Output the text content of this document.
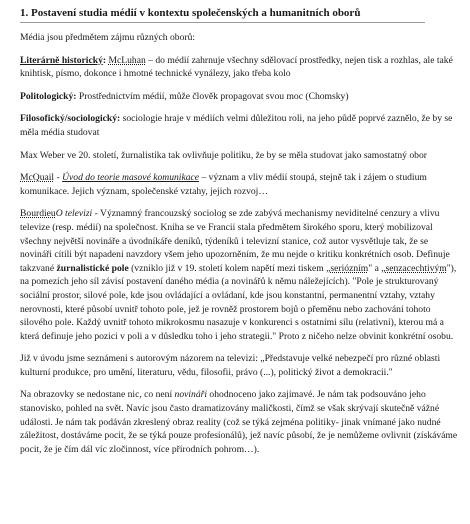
1. Postavení studia médií v kontextu společenských a humanitních oborů

Média jsou předmětem zájmu různých oborů:

Literárně historický: McLuhan – do médií zahrnuje všechny sdělovací prostředky, nejen tisk a rozhlas, ale také knihtisk, písmo, dokonce i hmotné technické vynálezy, jako třeba kolo

Politologický: Prostřednictvím médií, může člověk propagovat svou moc (Chomsky)

Filosofický/sociologický: sociologie hraje v médiích velmi důležitou roli, na jeho půdě poprvé zaznělo, že by se měla média studovat

Max Weber ve 20. století, žurnalistika tak ovlivňuje politiku, že by se měla studovat jako samostatný obor

McQuail - Úvod do teorie masové komunikace – význam a vliv médií stoupá, stejně tak i zájem o studium komunikace. Jejich význam, společenské vztahy, jejich rozvoj…

BourdieuO televizi - Významný francouzský sociolog se zde zabývá mechanismy neviditelné cenzury a vlivu televize (resp. médií) na společnost. Kniha se ve Francii stala předmětem širokého sporu, který mobilizoval všechny největší novináře a úvodníkáře deníků, týdeníků i televizní stanice, což autor vysvětluje tak, že se novináři cítili být napadeni navzdory všem jeho upozorněním, že mu nejde o kritiku konkrétních osob. Definuje takzvané žurnalistické pole (vzniklo již v 19. století kolem napětí mezi tiskem „seriózním" a „senzacechtivým"), na pomezích jeho síl závisí postavení daného média (a novinářů k němu náležejících). "Pole je strukturovaný sociální prostor, silové pole, kde jsou ovládající a ovládaní, kde jsou konstantní, permanentní vztahy, vztahy nerovnosti, které působí uvnitř tohoto pole, jež je rovněž prostorem bojů o přeměnu nebo zachování tohoto silového pole. Každý uvnitř tohoto mikrokosmu nasazuje v konkurenci s ostatními sílu (relativní), kterou má a která definuje jeho pozici v poli a v důsledku toho i jeho strategii." Proto z ničeho nelze obvinit konkrétní osobu.

Již v úvodu jsme seznámeni s autorovým názorem na televizi: „Představuje velké nebezpečí pro různé oblasti kulturní produkce, pro umění, literaturu, vědu, filosofii, právo (...), politický život a demokracii."

Na obrazovky se nedostane nic, co není novináři ohodnoceno jako zajímavé. Je nám tak podsouváno jeho stanovisko, pohled na svět. Navíc jsou často dramatizovány maličkosti, čímž se však skrývají skutečně vážné události. Je nám tak podáván zkreslený obraz reality (což se týká zejména politiky- jinak vnímané jako nudné záležitost, dostáváme pocit, že se týká pouze profesionálů), jež navíc působí, že je nemůžeme ovlivnit (získáváme pocit, že je čím dál víc zločinnost, více přírodních pohrom…).
